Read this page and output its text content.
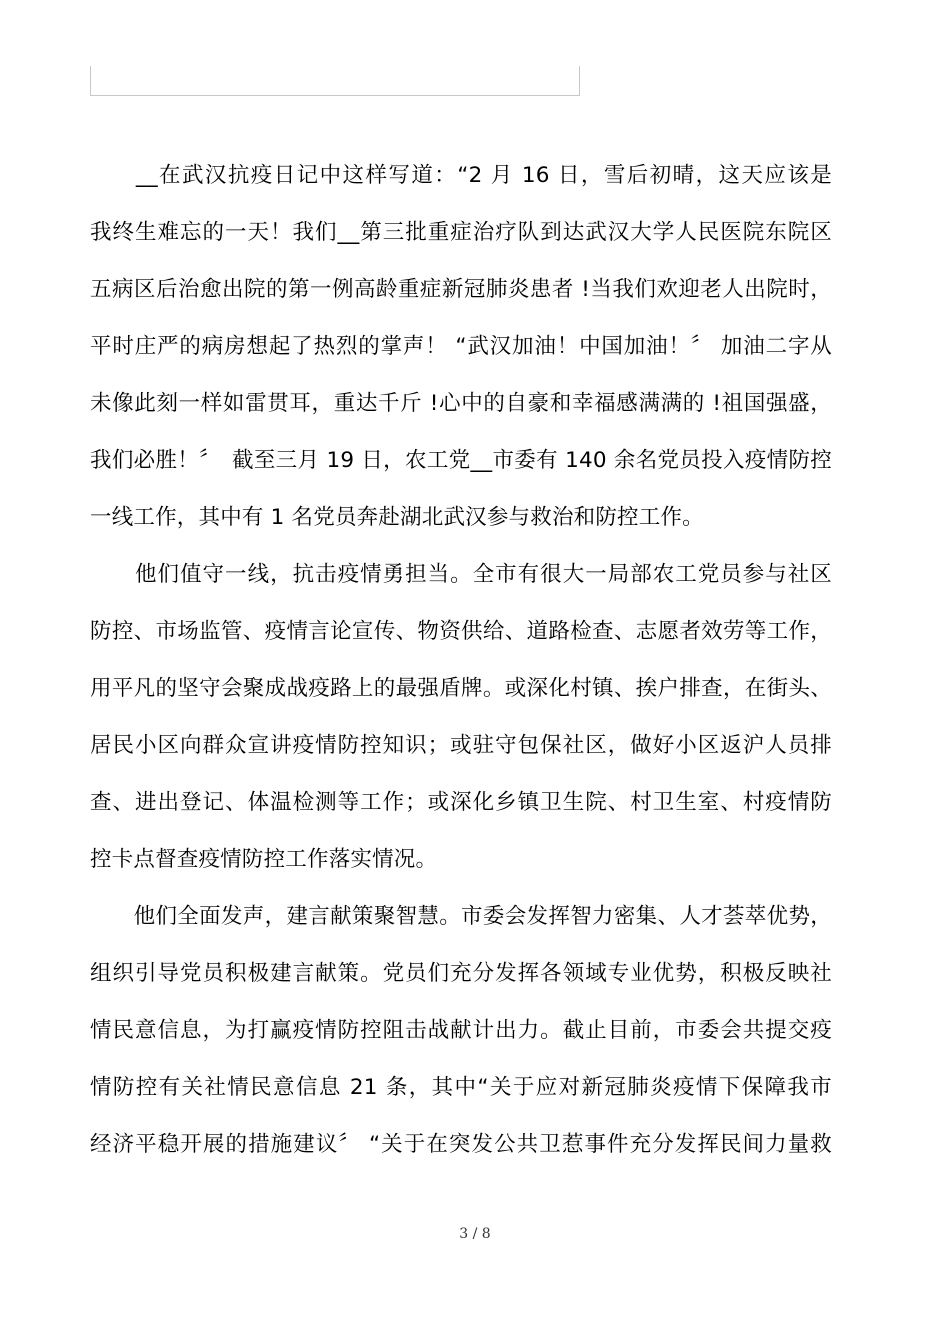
　　__在武汉抗疫日记中这样写道：“2 月 16 日，雪后初晴，这天应该是
我终生难忘的一天！我们__第三批重症治疗队到达武汉大学人民医院东院区
五病区后治愈出院的第一例高龄重症新冠肺炎患者 !当我们欢迎老人出院时，
平时庄严的病房想起了热烈的掌声！ “武汉加油！中国加油！〞 加油二字从
未像此刻一样如雷贯耳，重达千斤 !心中的自豪和幸福感满满的 !祖国强盛，
我们必胜！〞　截至三月 19 日，农工党__市委有 140 余名党员投入疫情防控
一线工作，其中有 1 名党员奔赴湖北武汉参与救治和防控工作。
　　他们值守一线，抗击疫情勇担当。全市有很大一局部农工党员参与社区
防控、市场监管、疫情言论宣传、物资供给、道路检查、志愿者效劳等工作，
用平凡的坚守会聚成战疫路上的最强盾牌。或深化村镇、挨户排查，在街头、
居民小区向群众宣讲疫情防控知识；或驻守包保社区，做好小区返沪人员排
查、进出登记、体温检测等工作；或深化乡镇卫生院、村卫生室、村疫情防
控卡点督查疫情防控工作落实情况。
　　他们全面发声，建言献策聚智慧。市委会发挥智力密集、人才荟萃优势，
组织引导党员积极建言献策。党员们充分发挥各领域专业优势，积极反映社
情民意信息，为打赢疫情防控阻击战献计出力。截止目前，市委会共提交疫
情防控有关社情民意信息 21 条，其中“关于应对新冠肺炎疫情下保障我市
经济平稳开展的措施建议〞 “关于在突发公共卫惹事件充分发挥民间力量救
3 / 8
